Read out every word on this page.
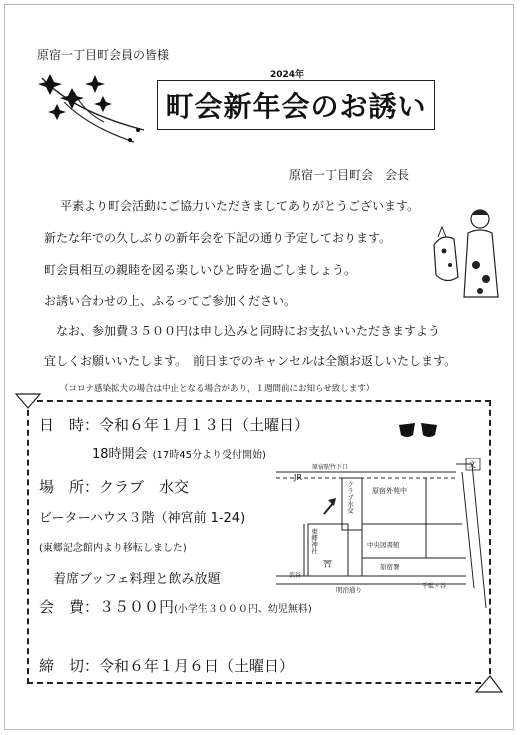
原宿一丁目町会員の皆様
2024年
町会新年会のお誘い
原宿一丁目町会　会長
平素より町会活動にご協力いただきましてありがとうございます。
新たな年での久しぶりの新年会を下記の通り予定しております。
町会員相互の親睦を図る楽しいひと時を過ごしましょう。
お誘い合わせの上、ふるってご参加ください。
なお、参加費３５００円は申し込みと同時にお支払いいただきますよう
宜しくお願いいたします。　前日までのキャンセルは全額お返しいたします。
（コロナ感染拡大の場合は中止となる場合があり，１週間前にお知らせ致します）
日　時：令和６年１月１３日（土曜日）
18時開会 (17時45分より受付開始)
場　所：クラブ　水交
ビーターハウス３階（神宮前 1-24)
(東郷記念館内より移転しました)
着席ブッフェ料理と飲み放題
会　費：３５００円(小学生３０００円、幼児無料)
締　切：令和６年１月６日（土曜日）
原宿駅竹下口
JR
文
クラブ水交	原宿外苑中
東郷神社
⛩
中央図書館
原宿署
渋谷
明治通り	千駄ヶ谷
